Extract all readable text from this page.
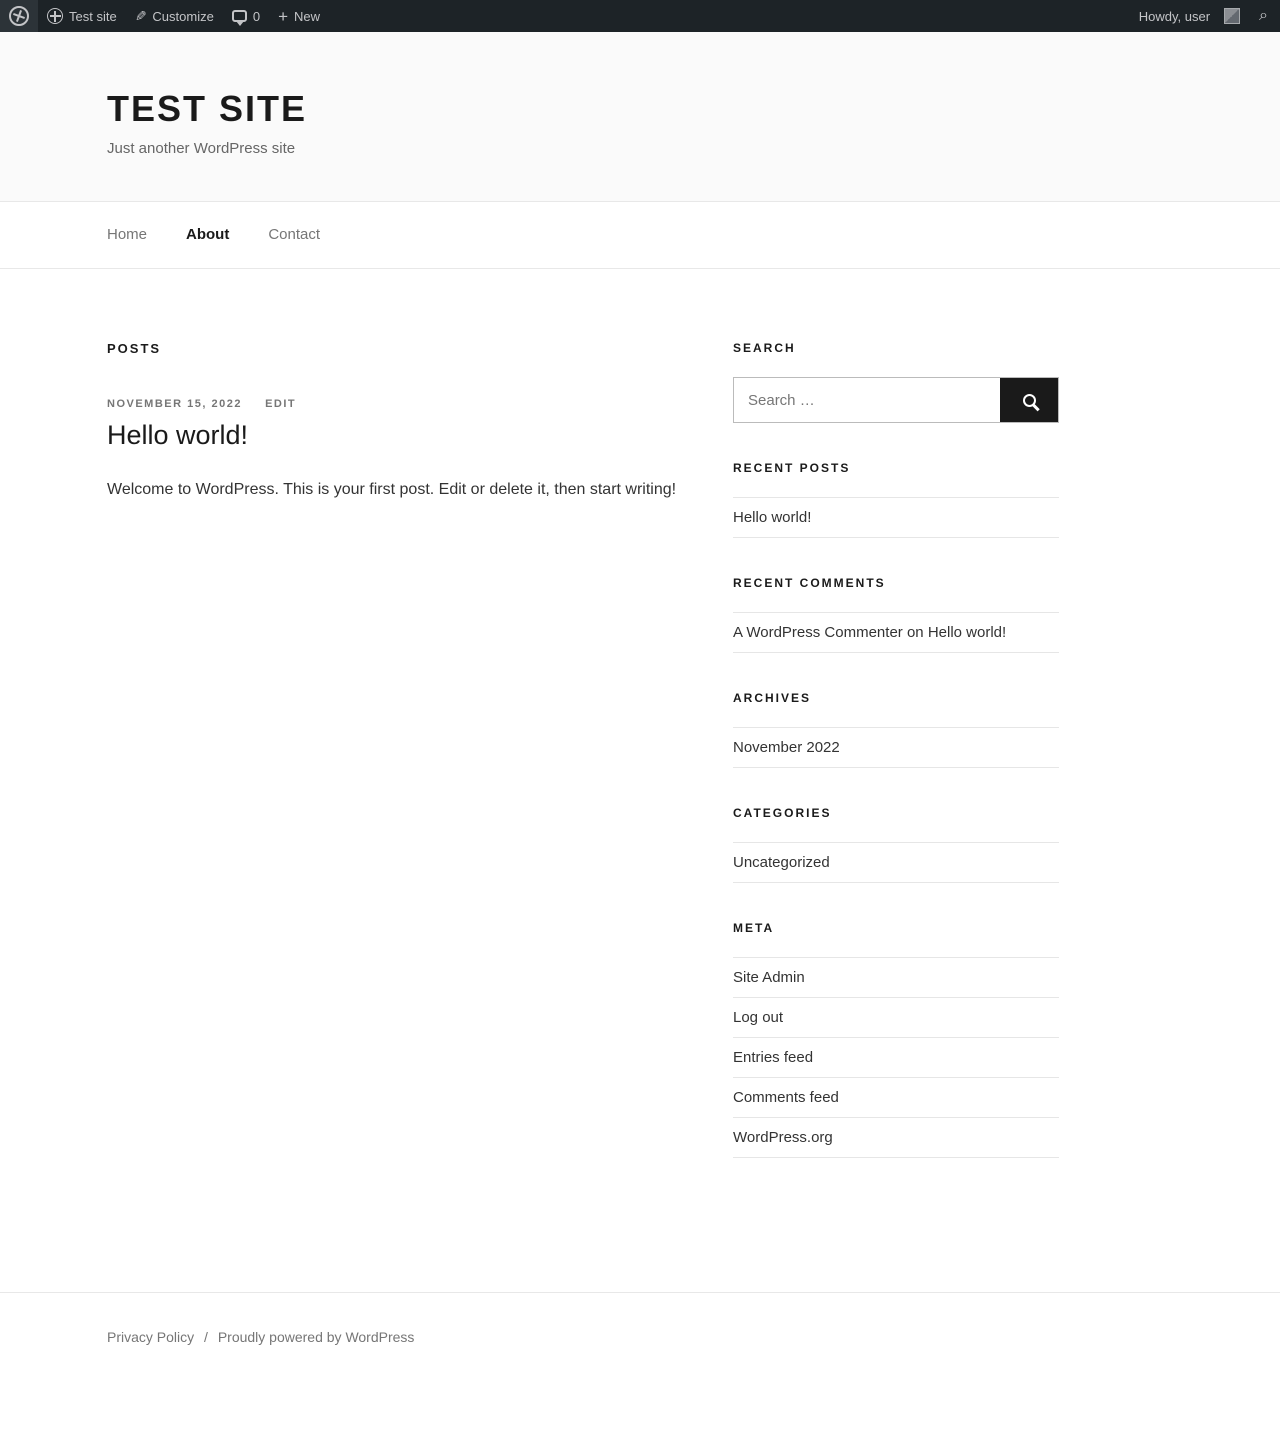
Test site ✎ Customize	0 + New	Howdy, user	⌕
TEST SITE

Just another WordPress site

Home	About	Contact
POSTS
NOVEMBER 15, 2022 EDIT
Hello world!

Welcome to WordPress. This is your first post. Edit or delete it, then start writing!

SEARCH
Search …
RECENT POSTS
Hello world!
RECENT COMMENTS
A WordPress Commenter on Hello world!
ARCHIVES
November 2022
CATEGORIES
Uncategorized
META
Site Admin
Log out
Entries feed
Comments feed
WordPress.org
Privacy Policy / Proudly powered by WordPress
